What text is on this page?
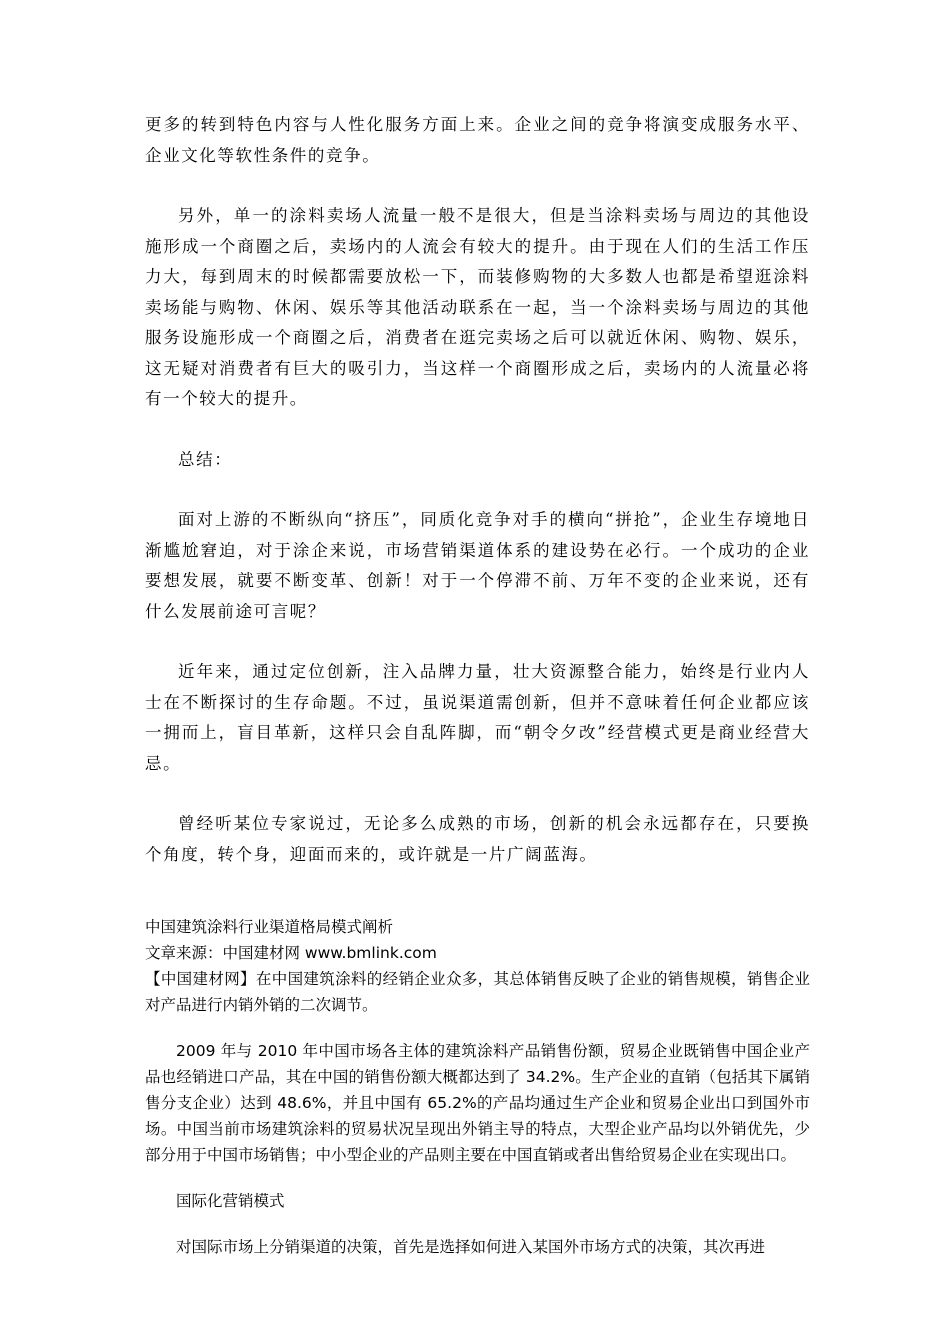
更多的转到特色内容与人性化服务方面上来。企业之间的竞争将演变成服务水平、企业文化等软性条件的竞争。

另外，单一的涂料卖场人流量一般不是很大，但是当涂料卖场与周边的其他设施形成一个商圈之后，卖场内的人流会有较大的提升。由于现在人们的生活工作压力大，每到周末的时候都需要放松一下，而装修购物的大多数人也都是希望逛涂料卖场能与购物、休闲、娱乐等其他活动联系在一起，当一个涂料卖场与周边的其他服务设施形成一个商圈之后，消费者在逛完卖场之后可以就近休闲、购物、娱乐，这无疑对消费者有巨大的吸引力，当这样一个商圈形成之后，卖场内的人流量必将有一个较大的提升。

总结：

面对上游的不断纵向“挤压”，同质化竞争对手的横向“拼抢”，企业生存境地日渐尴尬窘迫，对于涂企来说，市场营销渠道体系的建设势在必行。一个成功的企业要想发展，就要不断变革、创新！对于一个停滞不前、万年不变的企业来说，还有什么发展前途可言呢？

近年来，通过定位创新，注入品牌力量，壮大资源整合能力，始终是行业内人士在不断探讨的生存命题。不过，虽说渠道需创新，但并不意味着任何企业都应该一拥而上，盲目革新，这样只会自乱阵脚，而“朝令夕改”经营模式更是商业经营大忌。

曾经听某位专家说过，无论多么成熟的市场，创新的机会永远都存在，只要换个角度，转个身，迎面而来的，或许就是一片广阔蓝海。

中国建筑涂料行业渠道格局模式阐析

文章来源：中国建材网 www.bmlink.com

【中国建材网】在中国建筑涂料的经销企业众多，其总体销售反映了企业的销售规模，销售企业对产品进行内销外销的二次调节。

2009 年与 2010 年中国市场各主体的建筑涂料产品销售份额，贸易企业既销售中国企业产品也经销进口产品，其在中国的销售份额大概都达到了 34.2%。生产企业的直销（包括其下属销售分支企业）达到 48.6%，并且中国有 65.2%的产品均通过生产企业和贸易企业出口到国外市场。中国当前市场建筑涂料的贸易状况呈现出外销主导的特点，大型企业产品均以外销优先，少部分用于中国市场销售；中小型企业的产品则主要在中国直销或者出售给贸易企业在实现出口。

国际化营销模式

对国际市场上分销渠道的决策，首先是选择如何进入某国外市场方式的决策，其次再进
